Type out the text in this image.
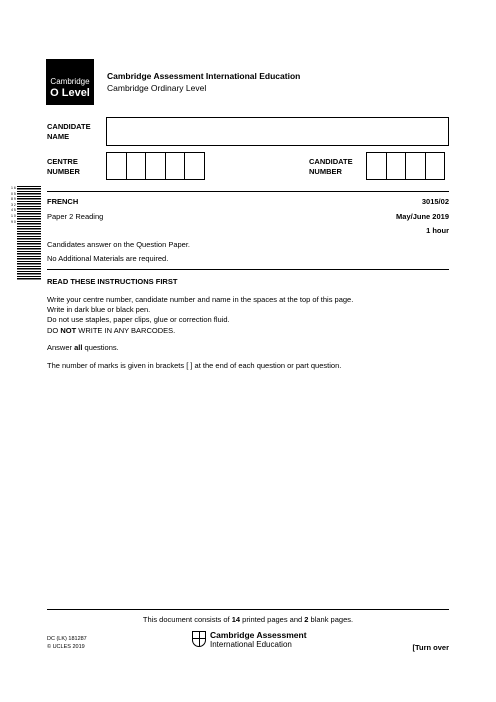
Cambridge
O Level
Cambridge Assessment International Education
Cambridge Ordinary Level
CANDIDATE
NAME
CENTRE
NUMBER
CANDIDATE
NUMBER
1 6 0 5 8 9 3 2 4 5 1 0 9 0
FRENCH	3015/02
Paper 2 Reading	May/June 2019
1 hour
Candidates answer on the Question Paper.
No Additional Materials are required.
READ THESE INSTRUCTIONS FIRST
Write your centre number, candidate number and name in the spaces at the top of this page.
Write in dark blue or black pen.
Do not use staples, paper clips, glue or correction fluid.
DO NOT WRITE IN ANY BARCODES.
Answer all questions.
The number of marks is given in brackets [ ] at the end of each question or part question.
This document consists of 14 printed pages and 2 blank pages.
DC (LK) 181287
© UCLES 2019
Cambridge Assessment
International Education	[Turn over
